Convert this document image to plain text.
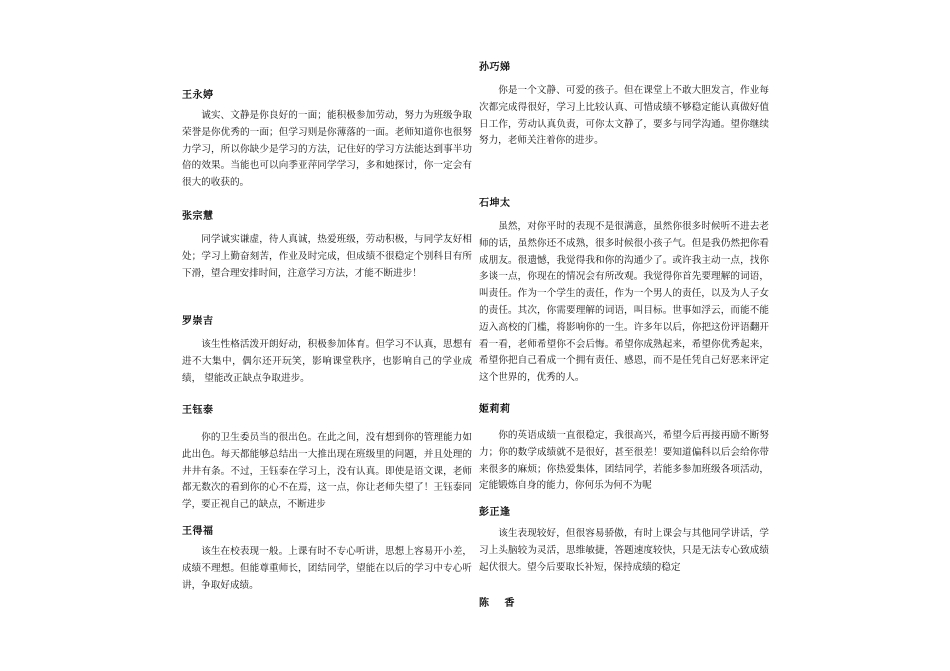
王永婷

诚实、文静是你良好的一面；能积极参加劳动，努力为班级争取荣誉是你优秀的一面；但学习则是你薄落的一面。老师知道你也很努力学习，所以你缺少是学习的方法，记住好的学习方法能达到事半功倍的效果。当能也可以向季亚萍同学学习，多和她探讨，你一定会有很大的收获的。

张宗慧

同学诚实谦虚，待人真诚，热爱班级，劳动积极，与同学友好相处；学习上勤奋刻苦，作业及时完成，但成绩不很稳定个别科目有所下滑，望合理安排时间，注意学习方法，才能不断进步！

罗崇吉

该生性格活泼开朗好动，积极参加体育。但学习不认真，思想有进不大集中，偶尔还开玩笑，影响课堂秩序，也影响自己的学业成绩， 望能改正缺点争取进步。

王钰泰

你的卫生委员当的很出色。在此之间，没有想到你的管理能力如此出色。每天都能够总结出一大推出现在班级里的问题，并且处理的井井有条。不过，王钰泰在学习上，没有认真。即使是语文课，老师都无数次的看到你的心不在焉，这一点，你让老师失望了！王钰泰同学，要正视自己的缺点，不断进步

王得福

该生在校表现一般。上课有时不专心听讲，思想上容易开小差，成绩不理想。但能尊重师长，团结同学，望能在以后的学习中专心听讲，争取好成绩。

孙巧娣

你是一个文静、可爱的孩子。但在课堂上不敢大胆发言，作业每次都完成得很好，学习上比较认真、可惜成绩不够稳定能认真做好值日工作，劳动认真负责，可你太文静了，要多与同学沟通。望你继续努力，老师关注着你的进步。

石坤太

虽然，对你平时的表现不是很满意，虽然你很多时候听不进去老师的话，虽然你还不成熟，很多时候很小孩子气。但是我仍然把你看成朋友。很遗憾，我觉得我和你的沟通少了。或许我主动一点，找你多谈一点，你现在的情况会有所改观。我觉得你首先要理解的词语，叫责任。作为一个学生的责任，作为一个男人的责任，以及为人子女的责任。其次，你需要理解的词语，叫目标。世事如浮云，而能不能迈入高校的门槛，将影响你的一生。许多年以后，你把这份评语翻开看一看，老师希望你不会后悔。希望你成熟起来，希望你优秀起来，希望你把自己看成一个拥有责任、感恩，而不是任凭自己好恶来评定这个世界的，优秀的人。

姬莉莉

你的英语成绩一直很稳定，我很高兴，希望今后再接再励不断努力；你的数学成绩就不是很好，甚至很差！要知道偏科以后会给你带来很多的麻烦；你热爱集体，团结同学，若能多参加班级各项活动，定能锻炼自身的能力，你何乐为何不为呢

彭正逢

该生表现较好，但很容易骄傲，有时上课会与其他同学讲话，学习上头脑较为灵活，思维敏捷，答题速度较快，只是无法专心致成绩起伏很大。望今后要取长补短，保持成绩的稳定

陈 香
